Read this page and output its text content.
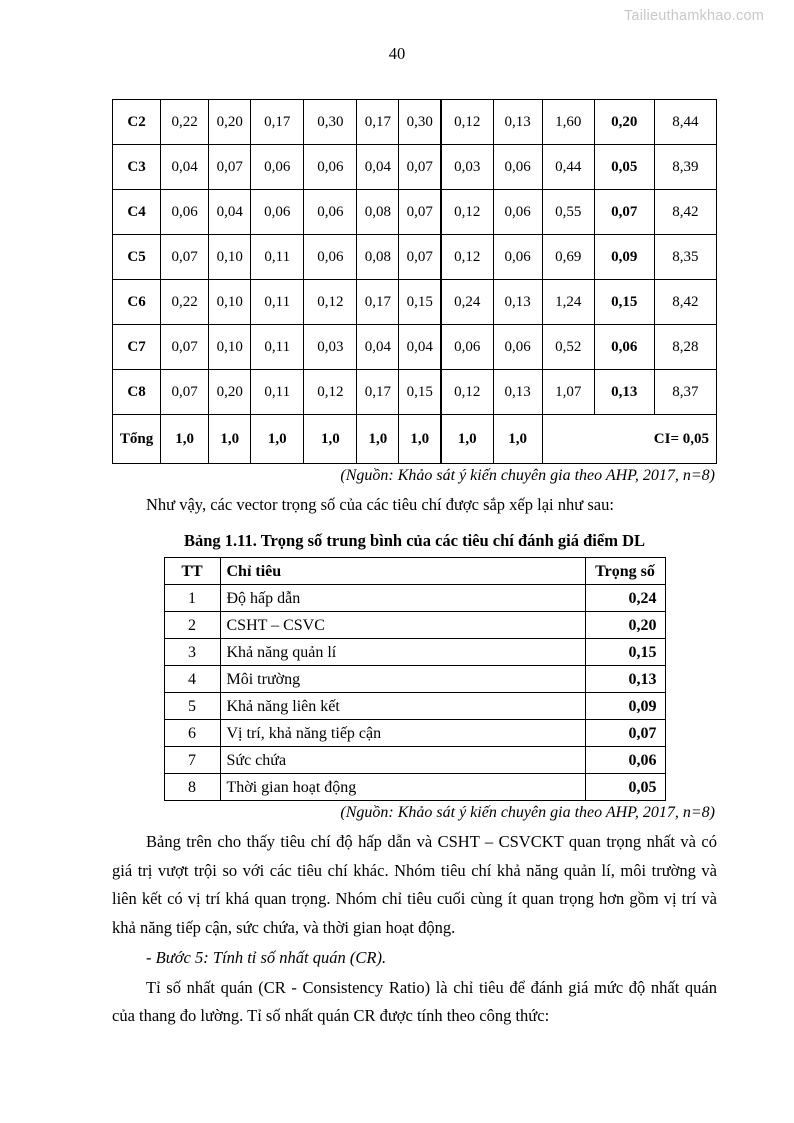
Tailieuthamkhao.com
40
C2	0,22	0,20	0,17	0,30	0,17	0,30	0,12	0,13	1,60	0,20	8,44
C3	0,04	0,07	0,06	0,06	0,04	0,07	0,03	0,06	0,44	0,05	8,39
C4	0,06	0,04	0,06	0,06	0,08	0,07	0,12	0,06	0,55	0,07	8,42
C5	0,07	0,10	0,11	0,06	0,08	0,07	0,12	0,06	0,69	0,09	8,35
C6	0,22	0,10	0,11	0,12	0,17	0,15	0,24	0,13	1,24	0,15	8,42
C7	0,07	0,10	0,11	0,03	0,04	0,04	0,06	0,06	0,52	0,06	8,28
C8	0,07	0,20	0,11	0,12	0,17	0,15	0,12	0,13	1,07	0,13	8,37
Tổng	1,0	1,0	1,0	1,0	1,0	1,0	1,0	1,0	CI= 0,05		
(Nguồn: Khảo sát ý kiến chuyên gia theo AHP, 2017, n=8)

Như vậy, các vector trọng số của các tiêu chí được sắp xếp lại như sau:

Bảng 1.11. Trọng số trung bình của các tiêu chí đánh giá điểm DL
TT	Chỉ tiêu	Trọng số
1	Độ hấp dẫn	0,24
2	CSHT – CSVC	0,20
3	Khả năng quản lí	0,15
4	Môi trường	0,13
5	Khả năng liên kết	0,09
6	Vị trí, khả năng tiếp cận	0,07
7	Sức chứa	0,06
8	Thời gian hoạt động	0,05
(Nguồn: Khảo sát ý kiến chuyên gia theo AHP, 2017, n=8)

Bảng trên cho thấy tiêu chí độ hấp dẫn và CSHT – CSVCKT quan trọng nhất và có giá trị vượt trội so với các tiêu chí khác. Nhóm tiêu chí khả năng quản lí, môi trường và liên kết có vị trí khá quan trọng. Nhóm chỉ tiêu cuối cùng ít quan trọng hơn gồm vị trí và khả năng tiếp cận, sức chứa, và thời gian hoạt động.

- Bước 5: Tính tỉ số nhất quán (CR).

Tỉ số nhất quán (CR - Consistency Ratio) là chỉ tiêu để đánh giá mức độ nhất quán của thang đo lường. Tỉ số nhất quán CR được tính theo công thức:
